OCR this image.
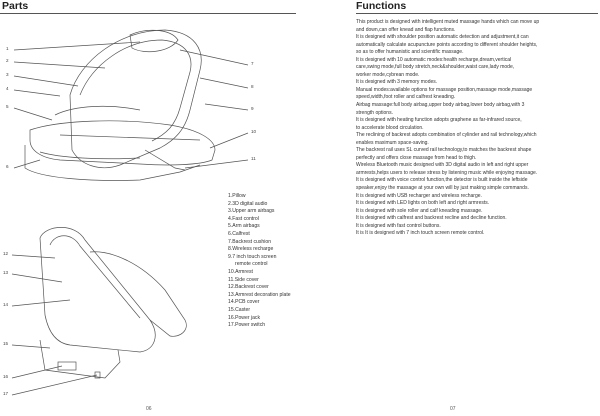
Parts
1
2
3
4
5
6
7
8
9
10
11
12
13
14
15
16
17
1.Pillow
2.3D digital audio
3.Upper arm airbags
4.Fast control
5.Arm airbags
6.Calfrest
7.Backrest cushion
8.Wireless recharge
9.7 inch touch screen
remote control
10.Armrest
11.Side cover
12.Backrest cover
13.Armrest decoration plate
14.PCB cover
15.Caster
16.Power jack
17.Power switch
06
Functions
This product is designed with intelligent muted massage hands which can move up
and down,can offer knead and flap functions.
It is designed with shoulder position automatic detection and adjustment,it can
automatically calculate acupuncture points according to different shoulder heights,
so as to offer humanistic and scientific massage.
It is designed with 10 automatic modes:health recharge,dream,vertical
care,swing mode,full body stretch,neck&shoulder,waist care,lady mode,
worker mode,cybrean mode.
It is designed with 3 memory modes.
Manual modes:available options for massage position,massage mode,massage
speed,width,foot roller and calfrest kneading.
Airbag massage:full body airbag,upper body airbag,lower body airbag,with 3
strength options.
It is designed with heating function adopts graphene as far-infrared source,
to accelerate blood circulation.
The reclining of backrest adopts combination of cylinder and rail technology,which
enables maximum space-saving.
The backrest rail uses SL curved rail technology,to matches the backrest shape
perfectly and offers close massage from head to thigh.
Wireless Bluetooth music designed with 3D digital audio in left and right upper
armrests,helps users to release stress by listening music while enjoying massage.
It is designed with voice control function,the detector is built inside the leftside
speaker,enjoy the massage at your own will by just making simple commands.
It is designed with USB recharger and wireless recharge.
It is designed with LED lights on both left and right armrests.
It is designed with sole roller and calf kneading massage.
It is designed with calfrest and backrest recline and decline function.
It is designed with fast control buttons.
It is It is designed with 7 inch touch screen remote control.
07
